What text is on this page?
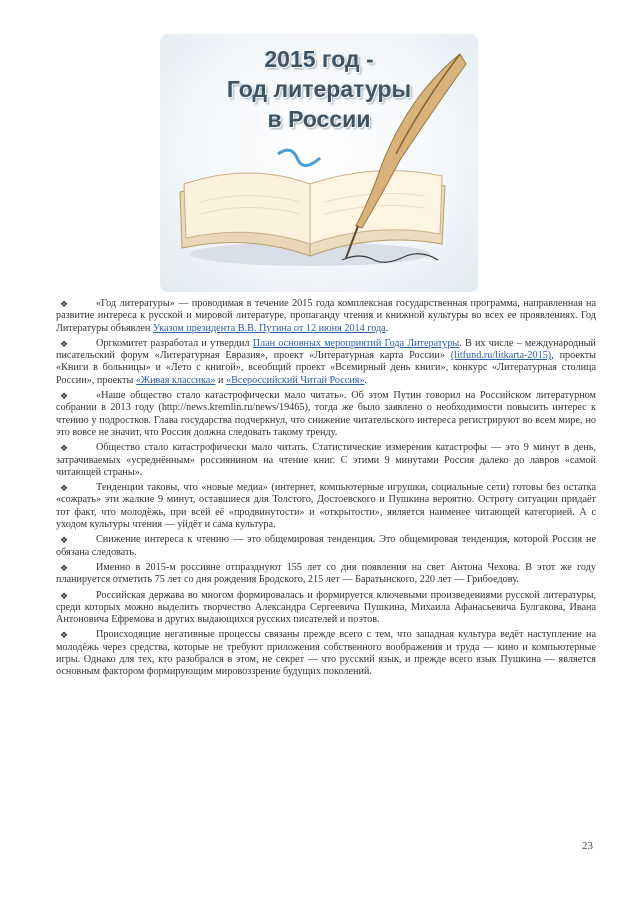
2015 год -
Год литературы
в России

❖	«Год литературы» — проводимая в течение 2015 года комплексная государственная программа, направленная на развитие интереса к русской и мировой литературе, пропаганду чтения и книжной культуры во всех ее проявлениях. Год Литературы объявлен Указом президента В.В. Путина от 12 июня 2014 года.

❖	Оргкомитет разработал и утвердил План основных мероприятий Года Литературы. В их числе – международный писательский форум «Литературная Евразия», проект «Литературная карта России» (litfund.ru/litkarta-2015), проекты «Книги в больницы» и «Лето с книгой», всеобщий проект «Всемирный день книги», конкурс «Литературная столица России», проекты «Живая классика» и «Всероссийский Читай Россия».

❖	«Наше общество стало катастрофически мало читать». Об этом Путин говорил на Российском литературном собрании в 2013 году (http://news.kremlin.ru/news/19465), тогда же было заявлено о необходимости повысить интерес к чтению у подростков. Глава государства подчеркнул, что снижение читательского интереса регистрируют во всем мире, но это вовсе не значит, что Россия должна следовать такому тренду.

❖	Общество стало катастрофически мало читать. Статистические измерения катастрофы — это 9 минут в день, затрачиваемых «усреднённым» россиянином на чтение книг. С этими 9 минутами Россия далеко до лавров «самой читающей страны».

❖	Тенденции таковы, что «новые медиа» (интернет, компьютерные игрушки, социальные сети) готовы без остатка «сожрать» эти жалкие 9 минут, оставшиеся для Толстого, Достоевского и Пушкина вероятно. Остроту ситуации придаёт тот факт, что молодёжь, при всей её «продвинутости» и «открытости», является наименее читающей категорией. А с уходом культуры чтения — уйдёт и сама культура.

❖	Снижение интереса к чтению — это общемировая тенденция. Это общемировая тенденция, которой Россия не обязана следовать.

❖	Именно в 2015-м россияне отпразднуют 155 лет со дня появления на свет Антона Чехова. В этот же году планируется отметить 75 лет со дня рождения Бродского, 215 лет — Баратынского, 220 лет — Грибоедову.

❖	Российская держава во многом формировалась и формируется ключевыми произведениями русской литературы, среди которых можно выделить творчество Александра Сергеевича Пушкина, Михаила Афанасьевича Булгакова, Ивана Антоновича Ефремова и других выдающихся русских писателей и поэтов.

❖	Происходящие негативные процессы связаны прежде всего с тем, что западная культура ведёт наступление на молодёжь через средства, которые не требуют приложения собственного воображения и труда — кино и компьютерные игры. Однако для тех, кто разобрался в этом, не секрет — что русский язык, и прежде всего язык Пушкина — является основным фактором формирующим мировоззрение будущих поколений.

23
